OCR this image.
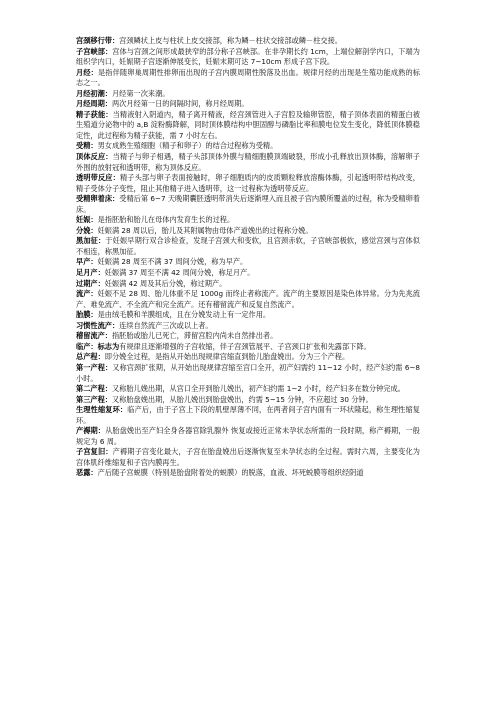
宫颈移行带：宫颈鳞状上皮与柱状上皮交接部，称为鳞－柱状交接部或鳞－柱交接。

子宫峡部：宫体与宫颈之间形成最狭窄的部分称子宫峡部。在非孕期长约 1cm，上端位解剖学内口，下端为组织学内口，妊娠期子宫逐渐伸展变长，妊娠末期可达 7~10cm 形成子宫下段。

月经：是指伴随卵巢周期性排卵而出现的子宫内膜周期性脱落及出血。规律月经的出现是生殖功能成熟的标志之一。

月经初潮：月经第一次来潮。

月经周期：两次月经第一日的间隔时间，称月经周期。

精子获能：当精液射入阴道内，精子离开精液，经宫颈管进入子宫腔及输卵管腔，精子顶体表面的精蛋白被生殖道分泌物中的 a,B 淀粉酶降解，同时顶体膜结构中胆固醇与磷脂比率和膜电位发生变化，降低顶体膜稳定性，此过程称为精子获能，需 7 小时左右。

受精：男女成熟生殖细胞（精子和卵子）的结合过程称为受精。

顶体反应：当精子与卵子相遇，精子头部顶体外膜与精细胞膜顶端破裂，形成小孔释放出顶体酶，溶解卵子外围的放射冠和透明带，称为顶体反应。

透明带反应：精子头部与卵子表面接触时，卵子细胞质内的皮质颗粒释放溶酶体酶，引起透明带结构改变，精子受体分子变性，阻止其他精子进入透明带，这一过程称为透明带反应。

受精卵着床：受精后第 6~7 天晚期囊胚透明带消失后逐渐埋入而且被子宫内膜所覆盖的过程，称为受精卵着床。

妊娠：是指胚胎和胎儿在母体内发育生长的过程。

分娩：妊娠满 28 周以后，胎儿及其附属物由母体产道娩出的过程称分娩。

黑加征：于妊娠早期行双合诊检查，发现子宫颈大和变软，且宫颈赤软，子宫峡部极软，感觉宫颈与宫体似不相连，称黑加征。

早产：妊娠满 28 周至不满 37 周间分娩，称为早产。

足月产：妊娠满 37 周至不满 42 周间分娩，称足月产。

过期产：妊娠满 42 周及其后分娩，称过期产。

流产：妊娠不足 28 周、胎儿体重不足 1000g 而终止者称流产。流产的主要原因是染色体异常。分为先兆流产、难免流产、不全流产和完全流产。还有稽留流产和反复自然流产。

胎膜：是由绒毛膜和羊膜组成，且在分娩发动上有一定作用。

习惯性流产：连续自然流产三次或以上者。

稽留流产：指胚胎或胎儿已死亡，滞留宫腔内尚未自然排出者。

临产：标志为有规律且逐渐增强的子宫收缩，伴子宫颈管展平、子宫颈口扩张和先露部下降。

总产程：即分娩全过程，是指从开始出现规律宫缩直到胎儿胎盘娩出。分为三个产程。

第一产程：又称宫颈扩张期，从开始出现规律宫缩至宫口全开，初产妇需约 11~12 小时，经产妇约需 6~8 小时。

第二产程：又称胎儿娩出期，从宫口全开到胎儿娩出，初产妇约需 1~2 小时，经产妇多在数分钟完成。

第三产程：又称胎盘娩出期，从胎儿娩出到胎盘娩出，约需 5~15 分钟，不应超过 30 分钟。

生理性缩复环：临产后，由于子宫上下段的肌壁厚薄不同，在两者间子宫内面有一环状隆起，称生理性缩复环。

产褥期：从胎盘娩出至产妇全身各器官除乳腺外 恢复或接近正常未孕状态所需的一段时期，称产褥期，一般规定为 6 周。

子宫复旧：产褥期子宫变化最大，子宫在胎盘娩出后逐渐恢复至未孕状态的全过程。需时六周，主要变化为宫体肌纤维缩复和子宫内膜再生。

恶露：产后随子宫蜕膜（特别是胎盘附着处的蜕膜）的脱落，血液、坏死蜕膜等组织经阴道
